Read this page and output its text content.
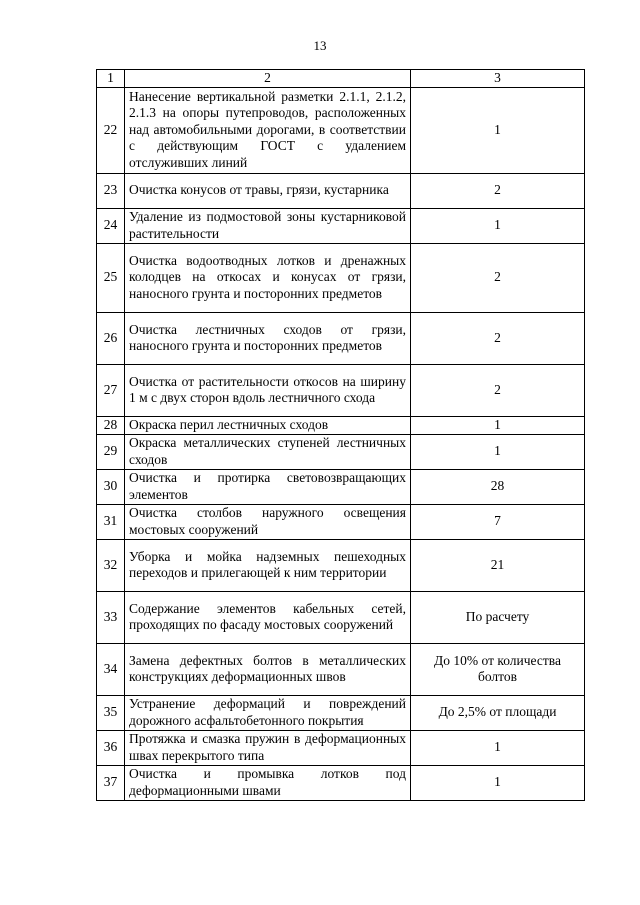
13
1	2	3
22	Нанесение вертикальной разметки 2.1.1, 2.1.2, 2.1.3 на опоры путепроводов, расположенных над автомобильными дорогами, в соответствии с действующим ГОСТ с удалением отслуживших линий	1
23	Очистка конусов от травы, грязи, кустарника	2
24	Удаление из подмостовой зоны кустарниковой растительности	1
25	Очистка водоотводных лотков и дренажных колодцев на откосах и конусах от грязи, наносного грунта и посторонних предметов	2
26	Очистка лестничных сходов от грязи, наносного грунта и посторонних предметов	2
27	Очистка от растительности откосов на ширину 1 м с двух сторон вдоль лестничного схода	2
28	Окраска перил лестничных сходов	1
29	Окраска металлических ступеней лестничных сходов	1
30	Очистка и протирка световозвращающих элементов	28
31	Очистка столбов наружного освещения мостовых сооружений	7
32	Уборка и мойка надземных пешеходных переходов и прилегающей к ним территории	21
33	Содержание элементов кабельных сетей, проходящих по фасаду мостовых сооружений	По расчету
34	Замена дефектных болтов в металлических конструкциях деформационных швов	До 10% от количества болтов
35	Устранение деформаций и повреждений дорожного асфальтобетонного покрытия	До 2,5% от площади
36	Протяжка и смазка пружин в деформационных швах перекрытого типа	1
37	Очистка и промывка лотков под деформационными швами	1
